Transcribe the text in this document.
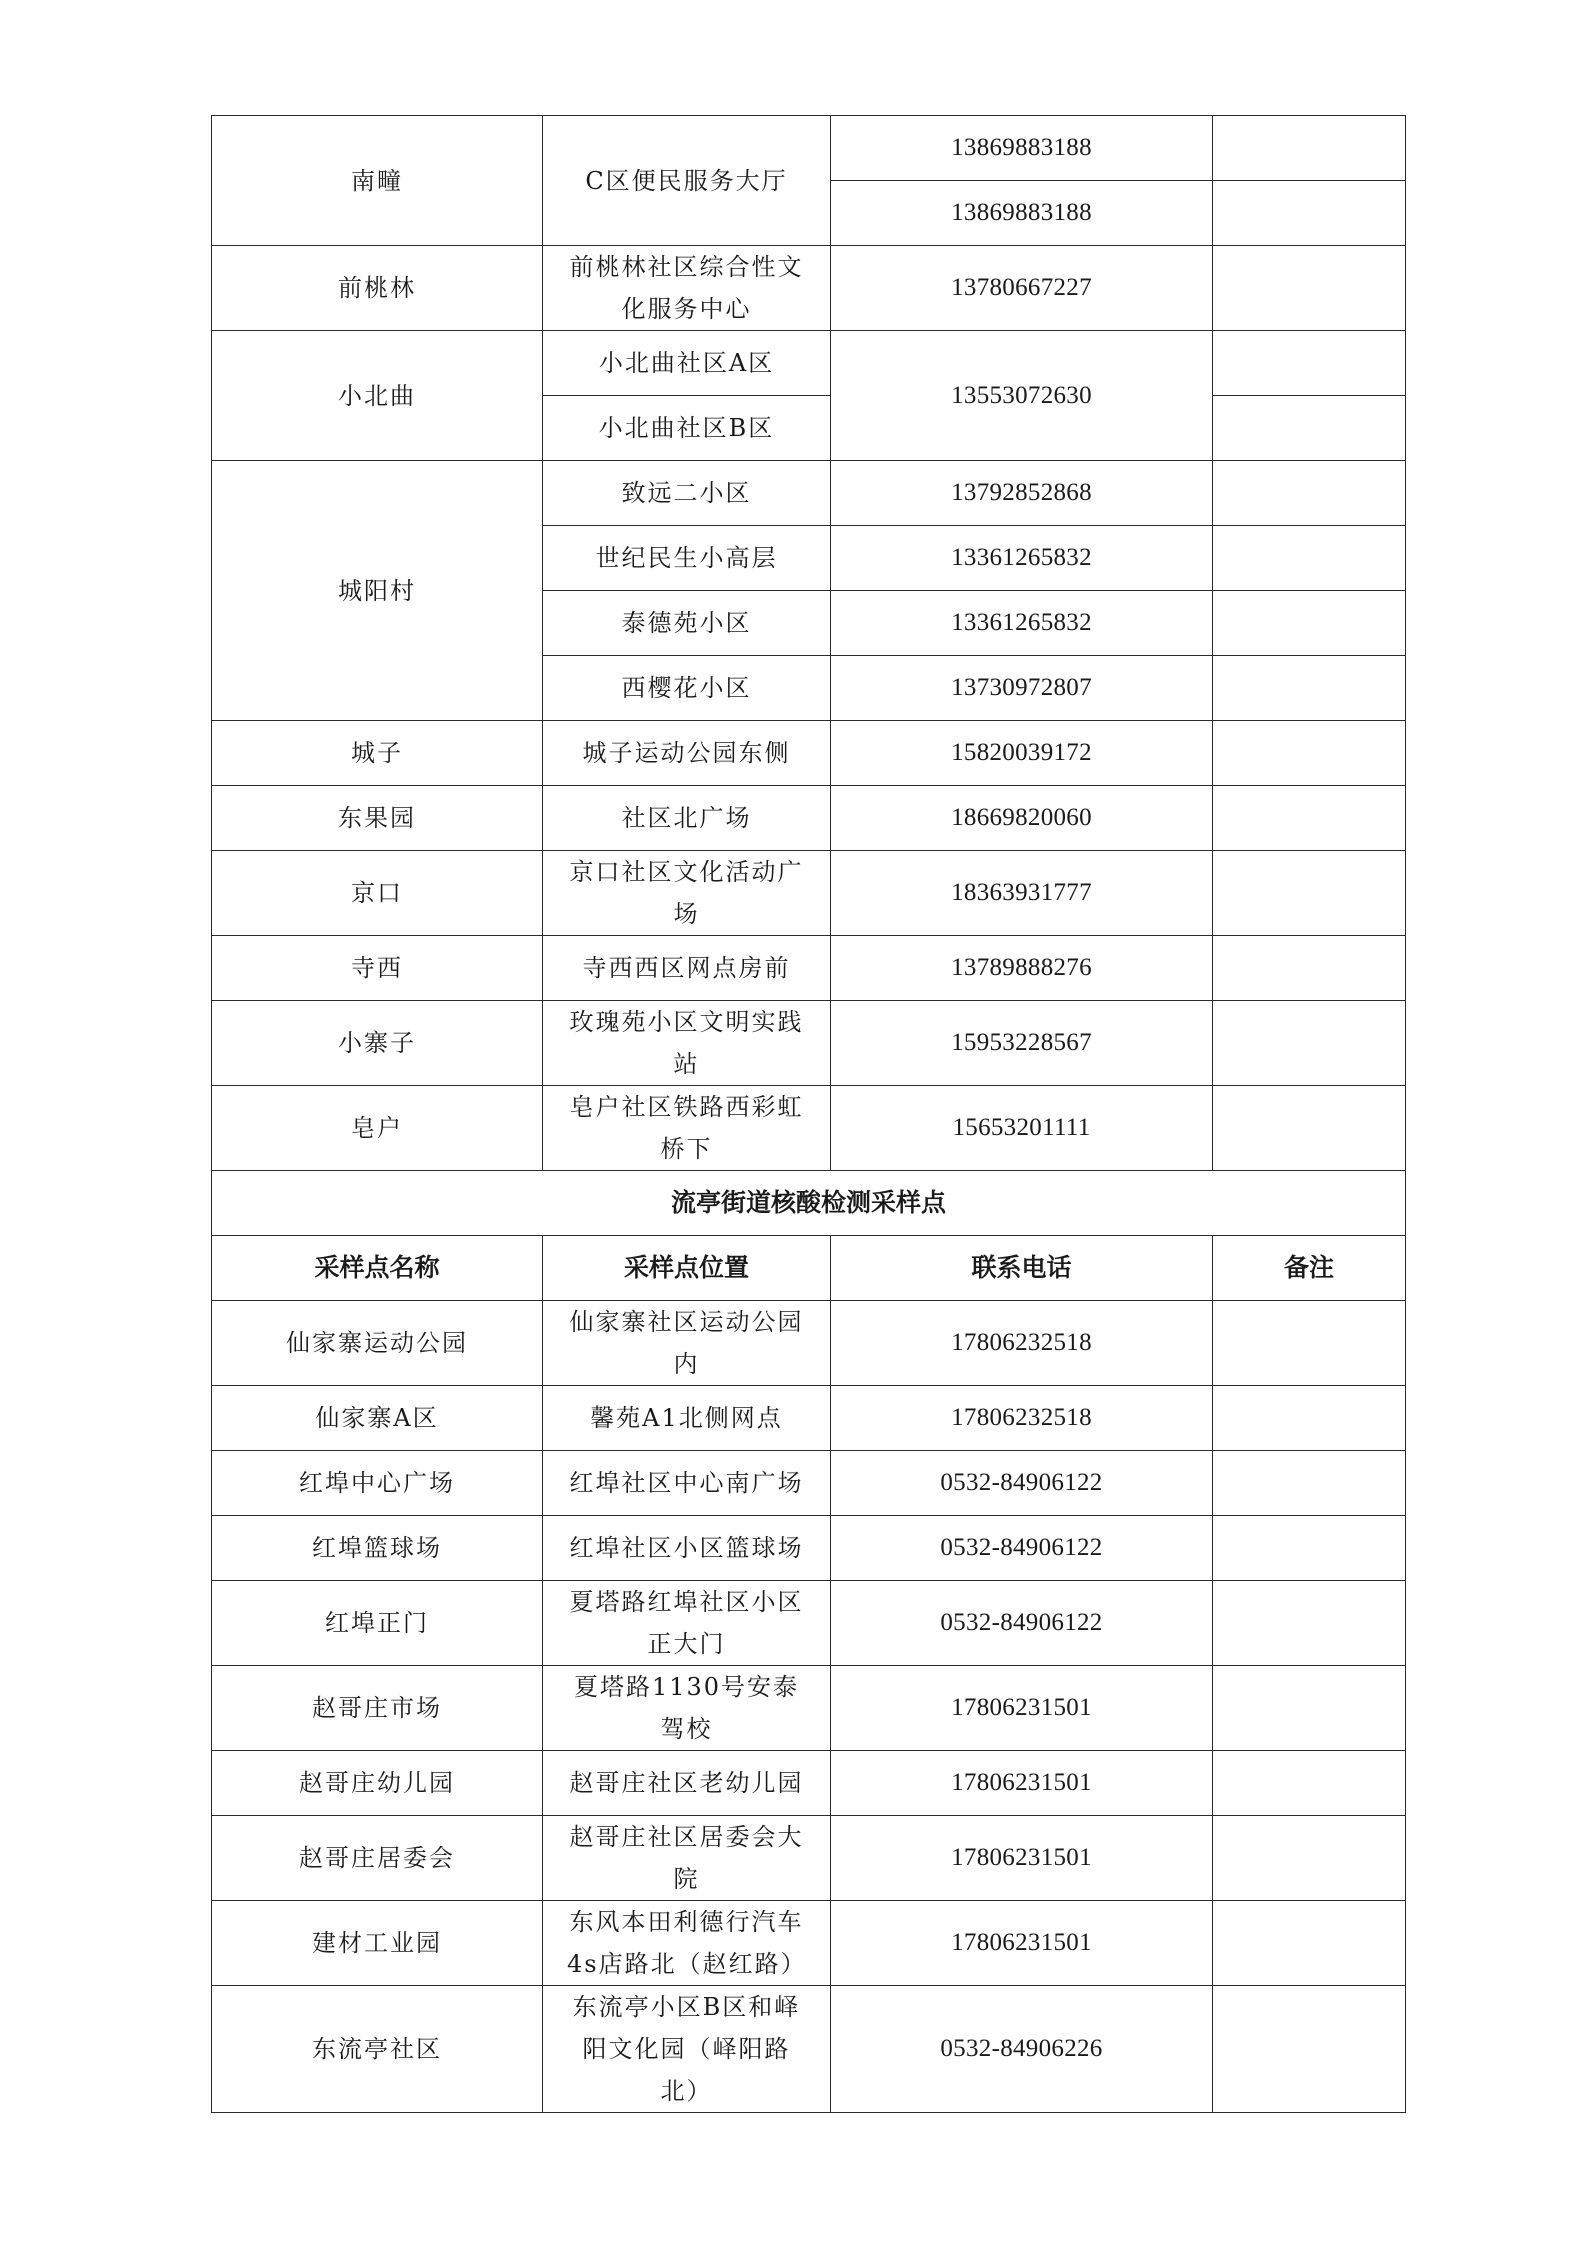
南疃	C区便民服务大厅	13869883188	
		13869883188	
前桃林	前桃林社区综合性文化服务中心	13780667227	
小北曲	小北曲社区A区	13553072630	
	小北曲社区B区		
城阳村	致远二小区	13792852868	
	世纪民生小高层	13361265832	
	泰德苑小区	13361265832	
	西樱花小区	13730972807	
城子	城子运动公园东侧	15820039172	
东果园	社区北广场	18669820060	
京口	京口社区文化活动广场	18363931777	
寺西	寺西西区网点房前	13789888276	
小寨子	玫瑰苑小区文明实践站	15953228567	
皂户	皂户社区铁路西彩虹桥下	15653201111	
流亭街道核酸检测采样点			
采样点名称	采样点位置	联系电话	备注
仙家寨运动公园	仙家寨社区运动公园内	17806232518	
仙家寨A区	馨苑A1北侧网点	17806232518	
红埠中心广场	红埠社区中心南广场	0532-84906122	
红埠篮球场	红埠社区小区篮球场	0532-84906122	
红埠正门	夏塔路红埠社区小区正大门	0532-84906122	
赵哥庄市场	夏塔路1130号安泰驾校	17806231501	
赵哥庄幼儿园	赵哥庄社区老幼儿园	17806231501	
赵哥庄居委会	赵哥庄社区居委会大院	17806231501	
建材工业园	东风本田利德行汽车4s店路北（赵红路）	17806231501	
东流亭社区	东流亭小区B区和峄阳文化园（峄阳路北）	0532-84906226	
